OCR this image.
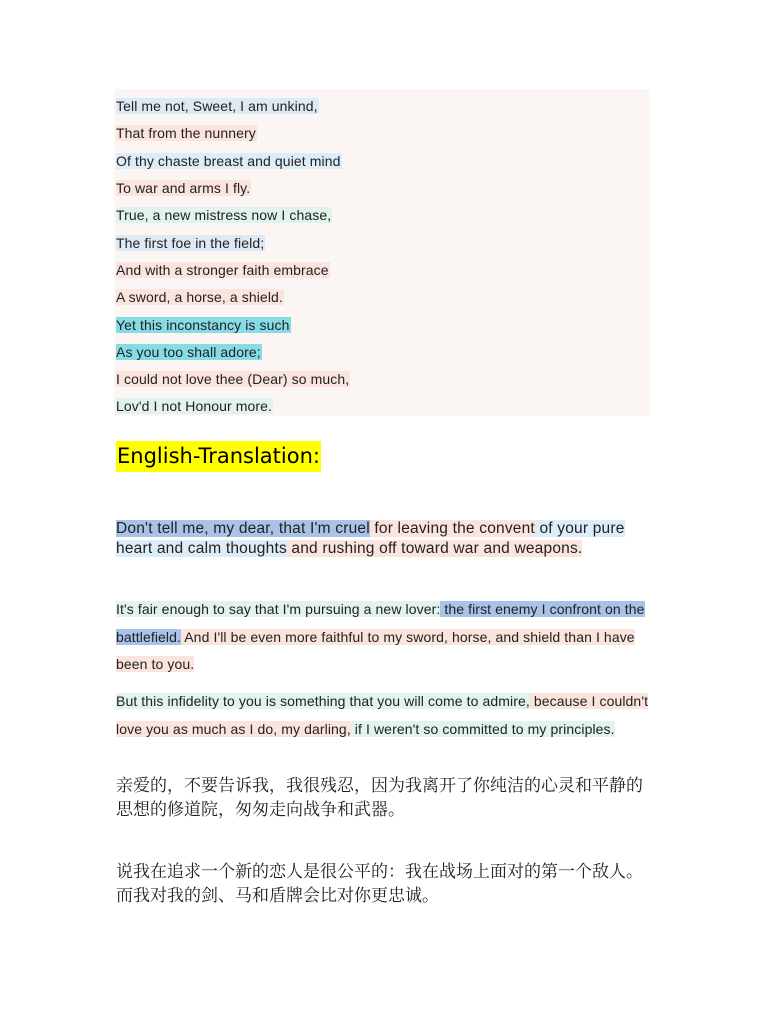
Tell me not, Sweet, I am unkind,
That from the nunnery
Of thy chaste breast and quiet mind
To war and arms I fly.
True, a new mistress now I chase,
The first foe in the field;
And with a stronger faith embrace
A sword, a horse, a shield.
Yet this inconstancy is such
As you too shall adore;
I could not love thee (Dear) so much,
Lov'd I not Honour more.
English-Translation:
Don't tell me, my dear, that I'm cruel for leaving the convent of your pure heart and calm thoughts and rushing off toward war and weapons.
It's fair enough to say that I'm pursuing a new lover: the first enemy I confront on the battlefield. And I'll be even more faithful to my sword, horse, and shield than I have been to you.
But this infidelity to you is something that you will come to admire, because I couldn't love you as much as I do, my darling, if I weren't so committed to my principles.
亲爱的，不要告诉我，我很残忍，因为我离开了你纯洁的心灵和平静的思想的修道院，匆匆走向战争和武器。
说我在追求一个新的恋人是很公平的：我在战场上面对的第一个敌人。而我对我的剑、马和盾牌会比对你更忠诚。
